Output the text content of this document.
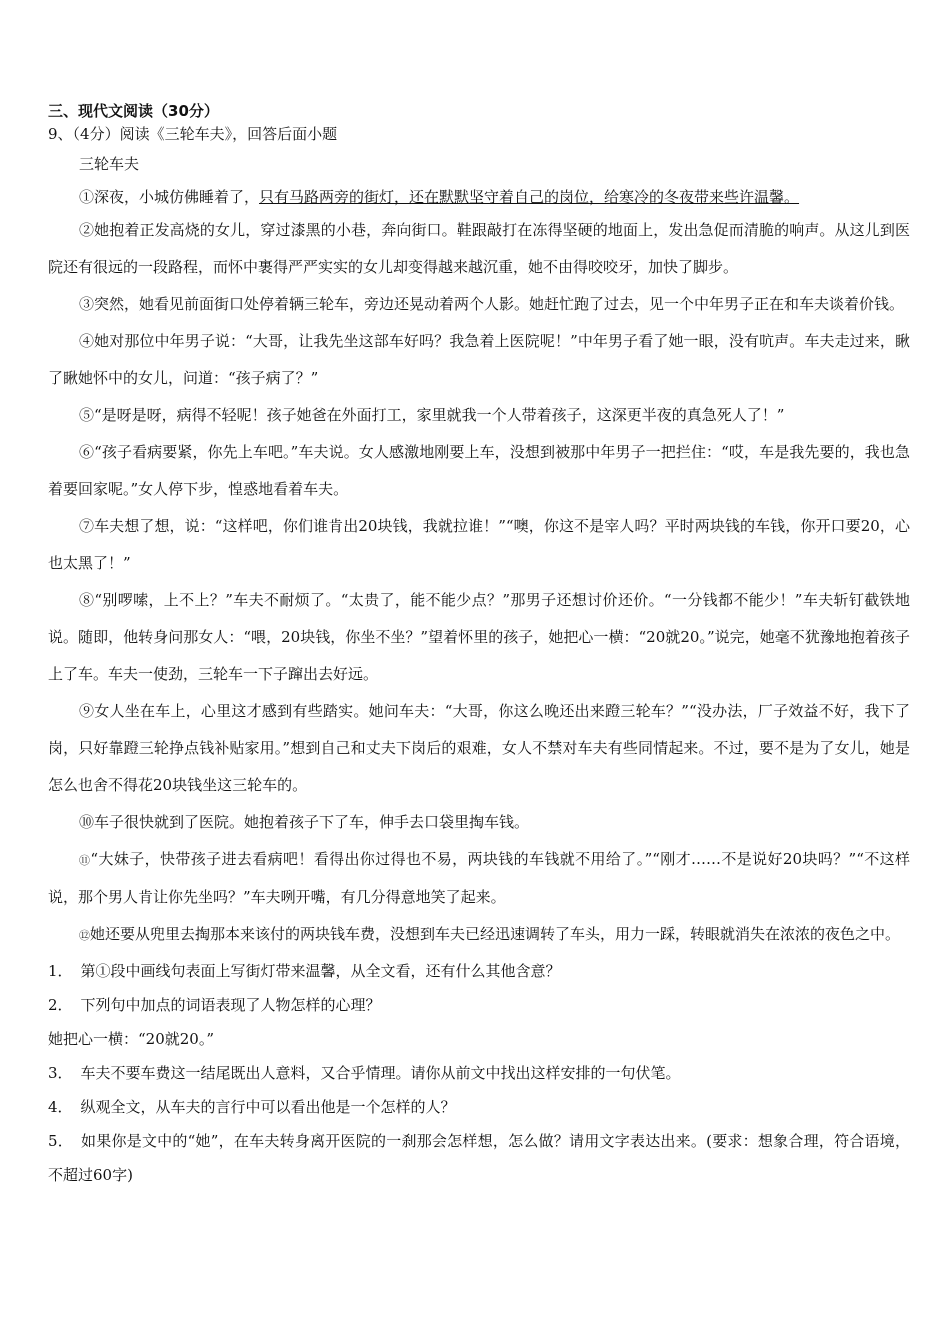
三、现代文阅读（30分）

9、（4分）阅读《三轮车夫》，回答后面小题

三轮车夫

①深夜，小城仿佛睡着了，只有马路两旁的街灯，还在默默坚守着自己的岗位，给寒冷的冬夜带来些许温馨。

②她抱着正发高烧的女儿，穿过漆黑的小巷，奔向街口。鞋跟敲打在冻得坚硬的地面上，发出急促而清脆的响声。从这儿到医院还有很远的一段路程，而怀中裹得严严实实的女儿却变得越来越沉重，她不由得咬咬牙，加快了脚步。

③突然，她看见前面街口处停着辆三轮车，旁边还晃动着两个人影。她赶忙跑了过去，见一个中年男子正在和车夫谈着价钱。

④她对那位中年男子说：“大哥，让我先坐这部车好吗？我急着上医院呢！”中年男子看了她一眼，没有吭声。车夫走过来，瞅了瞅她怀中的女儿，问道：“孩子病了？”

⑤“是呀是呀，病得不轻呢！孩子她爸在外面打工，家里就我一个人带着孩子，这深更半夜的真急死人了！”

⑥“孩子看病要紧，你先上车吧。”车夫说。女人感激地刚要上车，没想到被那中年男子一把拦住：“哎，车是我先要的，我也急着要回家呢。”女人停下步，惶惑地看着车夫。

⑦车夫想了想，说：“这样吧，你们谁肯出20块钱，我就拉谁！”“噢，你这不是宰人吗？平时两块钱的车钱，你开口要20，心也太黑了！”

⑧“别啰嗦，上不上？”车夫不耐烦了。“太贵了，能不能少点？”那男子还想讨价还价。“一分钱都不能少！”车夫斩钉截铁地说。随即，他转身问那女人：“喂，20块钱，你坐不坐？”望着怀里的孩子，她把心一横：“20就20。”说完，她毫不犹豫地抱着孩子上了车。车夫一使劲，三轮车一下子蹿出去好远。

⑨女人坐在车上，心里这才感到有些踏实。她问车夫：“大哥，你这么晚还出来蹬三轮车？”“没办法，厂子效益不好，我下了岗，只好靠蹬三轮挣点钱补贴家用。”想到自己和丈夫下岗后的艰难，女人不禁对车夫有些同情起来。不过，要不是为了女儿，她是怎么也舍不得花20块钱坐这三轮车的。

⑩车子很快就到了医院。她抱着孩子下了车，伸手去口袋里掏车钱。

⑪“大妹子，快带孩子进去看病吧！看得出你过得也不易，两块钱的车钱就不用给了。”“刚才……不是说好20块吗？”“不这样说，那个男人肯让你先坐吗？”车夫咧开嘴，有几分得意地笑了起来。

⑫她还要从兜里去掏那本来该付的两块钱车费，没想到车夫已经迅速调转了车头，用力一踩，转眼就消失在浓浓的夜色之中。

1． 第①段中画线句表面上写街灯带来温馨，从全文看，还有什么其他含意？

2． 下列句中加点的词语表现了人物怎样的心理？

她把心一横：“20就20。”

3． 车夫不要车费这一结尾既出人意料，又合乎情理。请你从前文中找出这样安排的一句伏笔。

4． 纵观全文，从车夫的言行中可以看出他是一个怎样的人？

5． 如果你是文中的“她”，在车夫转身离开医院的一刹那会怎样想，怎么做？请用文字表达出来。(要求：想象合理，符合语境，不超过60字)
